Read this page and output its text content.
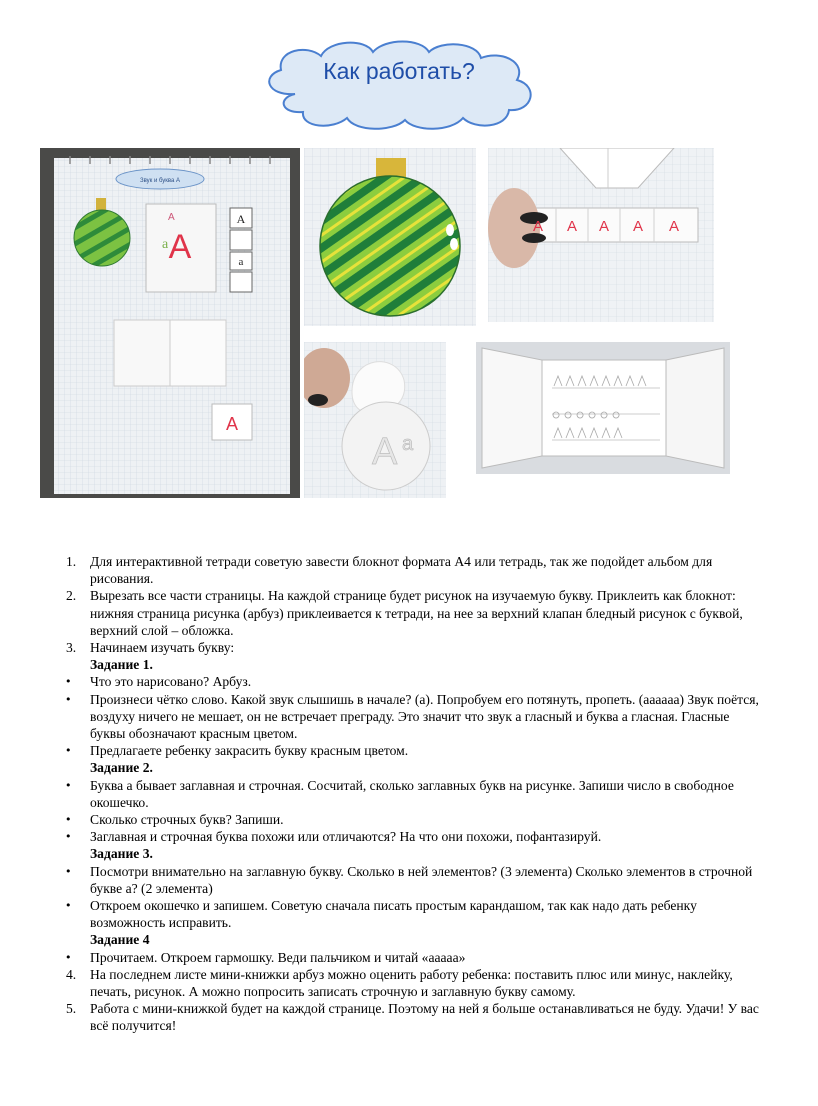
Как работать?
Звук и буква А
А
а
А	А
а
А
А А А А А
А а
1.	Для интерактивной тетради советую завести блокнот формата А4 или тетрадь, так же подойдет альбом для рисования.
2.	Вырезать все части страницы. На каждой странице будет рисунок на изучаемую букву. Приклеить как блокнот: нижняя страница рисунка (арбуз) приклеивается к тетради, на нее за верхний клапан бледный рисунок с буквой, верхний слой – обложка.
3.	Начинаем изучать букву:
Задание 1.
•	Что это нарисовано? Арбуз.
•	Произнеси чётко слово. Какой звук слышишь в начале? (а). Попробуем его потянуть, пропеть. (аааааа) Звук поётся, воздуху ничего не мешает, он не встречает преграду. Это значит что звук а гласный и буква а гласная. Гласные буквы обозначают красным цветом.
•	Предлагаете ребенку закрасить букву красным цветом.
Задание 2.
•	Буква а бывает заглавная и строчная. Сосчитай, сколько заглавных букв на рисунке. Запиши число в свободное окошечко.
•	Сколько строчных букв? Запиши.
•	Заглавная и строчная буква похожи или отличаются? На что они похожи, пофантазируй.
Задание 3.
•	Посмотри внимательно на заглавную букву. Сколько в ней элементов? (3 элемента) Сколько элементов в строчной букве а? (2 элемента)
•	Откроем окошечко и запишем. Советую сначала писать простым карандашом, так как надо дать ребенку возможность исправить.
Задание 4
•	Прочитаем. Откроем гармошку. Веди пальчиком и читай «ааааа»
4.	На последнем листе мини-книжки арбуз можно оценить работу ребенка: поставить плюс или минус, наклейку, печать, рисунок. А можно попросить записать строчную и заглавную букву самому.
5.	Работа с мини-книжкой будет на каждой странице. Поэтому на ней я больше останавливаться не буду. Удачи! У вас всё получится!
